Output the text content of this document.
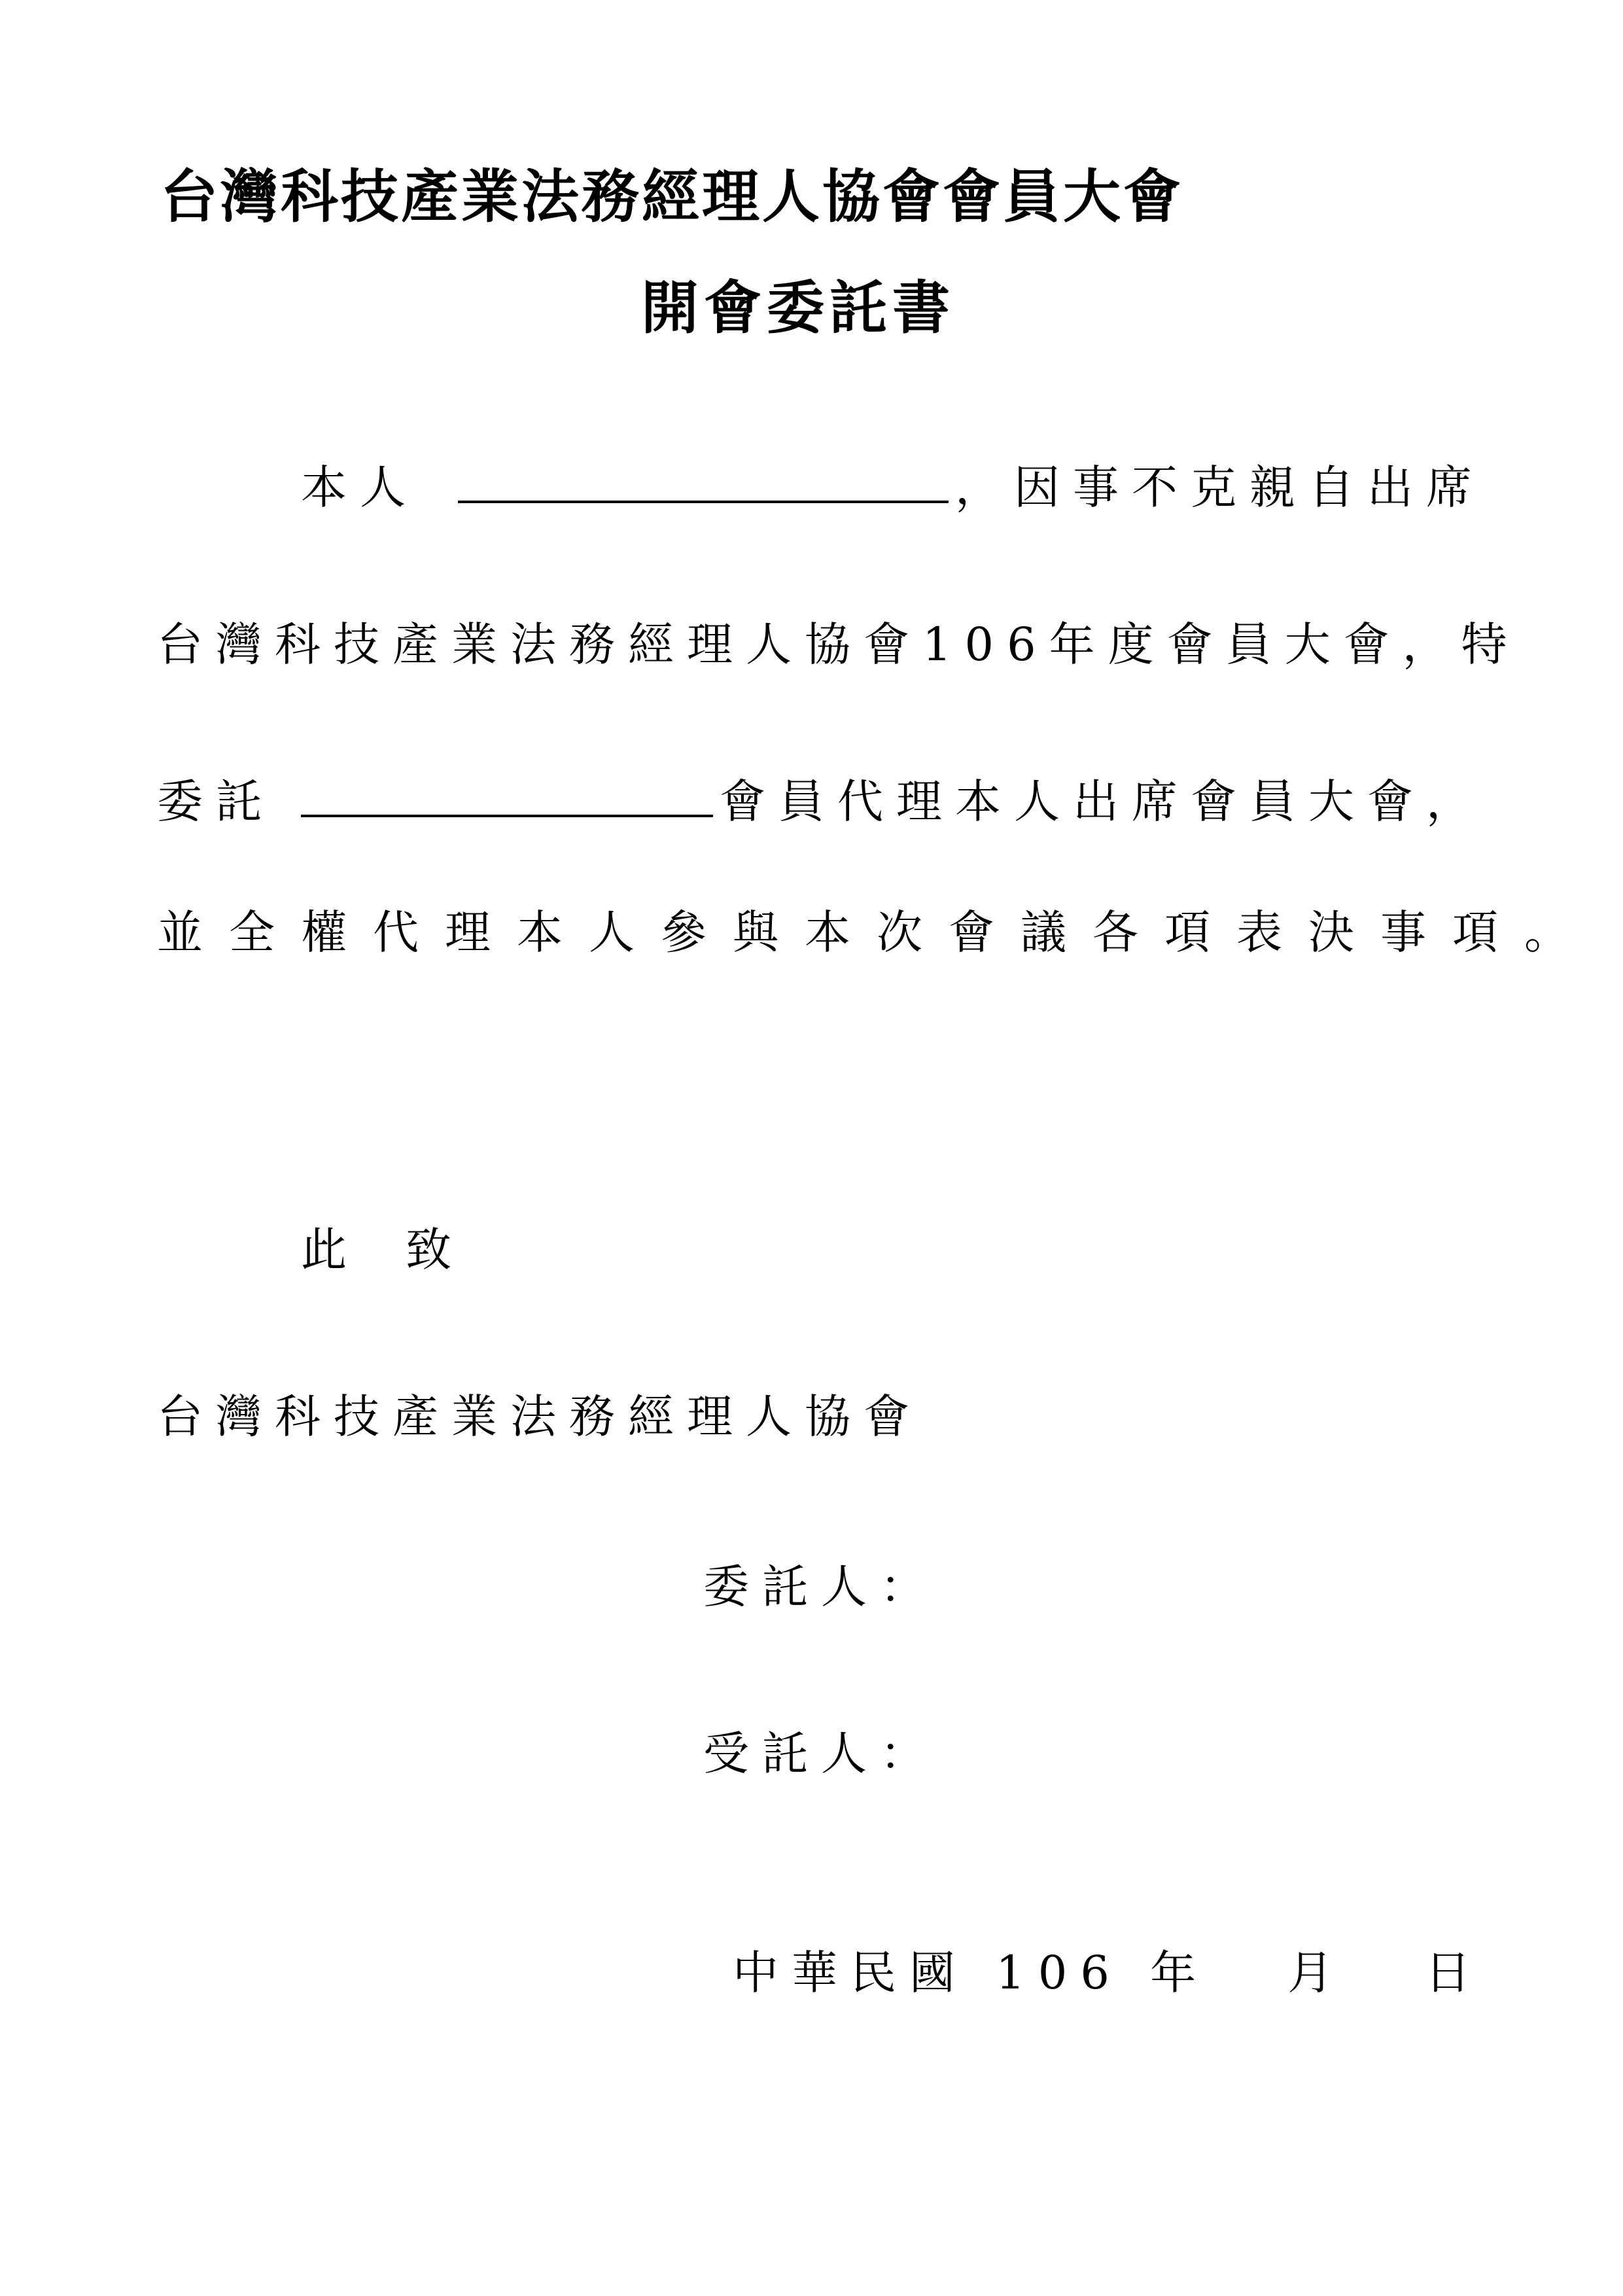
台灣科技產業法務經理人協會會員大會
開會委託書
本人	，因事不克親自出席
台灣科技產業法務經理人協會106年度會員大會，特
委託	會員代理本人出席會員大會，
並全權代理本人參與本次會議各項表決事項。
此致
台灣科技產業法務經理人協會
委託人：
受託人：
中華民國 106 年 月 日
